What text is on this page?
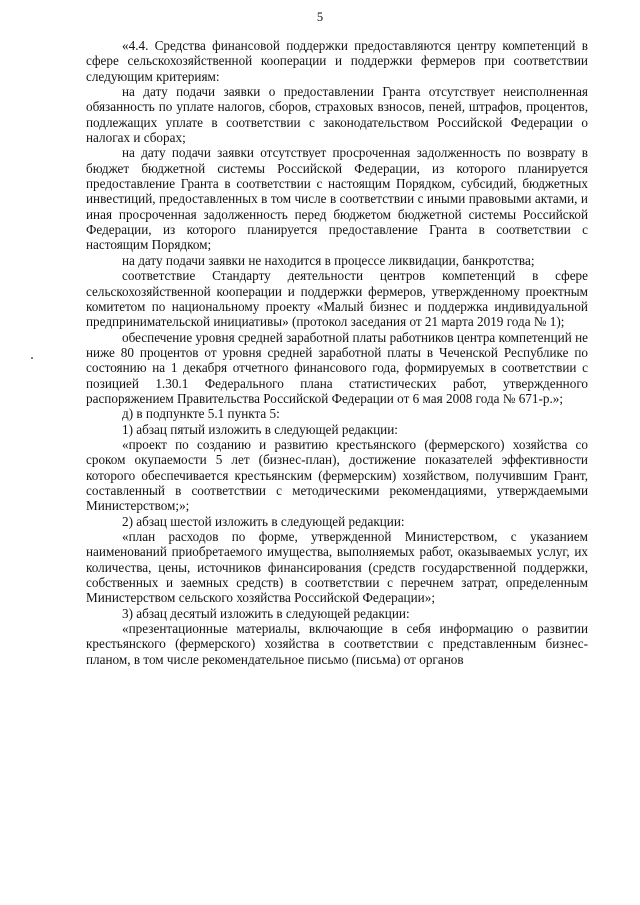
5

«4.4. Средства финансовой поддержки предоставляются центру компетенций в сфере сельскохозяйственной кооперации и поддержки фермеров при соответствии следующим критериям:

на дату подачи заявки о предоставлении Гранта отсутствует неисполненная обязанность по уплате налогов, сборов, страховых взносов, пеней, штрафов, процентов, подлежащих уплате в соответствии с законодательством Российской Федерации о налогах и сборах;

на дату подачи заявки отсутствует просроченная задолженность по возврату в бюджет бюджетной системы Российской Федерации, из которого планируется предоставление Гранта в соответствии с настоящим Порядком, субсидий, бюджетных инвестиций, предоставленных в том числе в соответствии с иными правовыми актами, и иная просроченная задолженность перед бюджетом бюджетной системы Российской Федерации, из которого планируется предоставление Гранта в соответствии с настоящим Порядком;

на дату подачи заявки не находится в процессе ликвидации, банкротства;

соответствие Стандарту деятельности центров компетенций в сфере сельскохозяйственной кооперации и поддержки фермеров, утвержденному проектным комитетом по национальному проекту «Малый бизнес и поддержка индивидуальной предпринимательской инициативы» (протокол заседания от 21 марта 2019 года № 1);

обеспечение уровня средней заработной платы работников центра компетенций не ниже 80 процентов от уровня средней заработной платы в Чеченской Республике по состоянию на 1 декабря отчетного финансового года, формируемых в соответствии с позицией 1.30.1 Федерального плана статистических работ, утвержденного распоряжением Правительства Российской Федерации от 6 мая 2008 года № 671-р.»;

д) в подпункте 5.1 пункта 5:

1) абзац пятый изложить в следующей редакции:

«проект по созданию и развитию крестьянского (фермерского) хозяйства со сроком окупаемости 5 лет (бизнес-план), достижение показателей эффективности которого обеспечивается крестьянским (фермерским) хозяйством, получившим Грант, составленный в соответствии с методическими рекомендациями, утверждаемыми Министерством;»;

2) абзац шестой изложить в следующей редакции:

«план расходов по форме, утвержденной Министерством, с указанием наименований приобретаемого имущества, выполняемых работ, оказываемых услуг, их количества, цены, источников финансирования (средств государственной поддержки, собственных и заемных средств) в соответствии с перечнем затрат, определенным Министерством сельского хозяйства Российской Федерации»;

3) абзац десятый изложить в следующей редакции:

«презентационные материалы, включающие в себя информацию о развитии крестьянского (фермерского) хозяйства в соответствии с представленным бизнес-планом, в том числе рекомендательное письмо (письма) от органов
